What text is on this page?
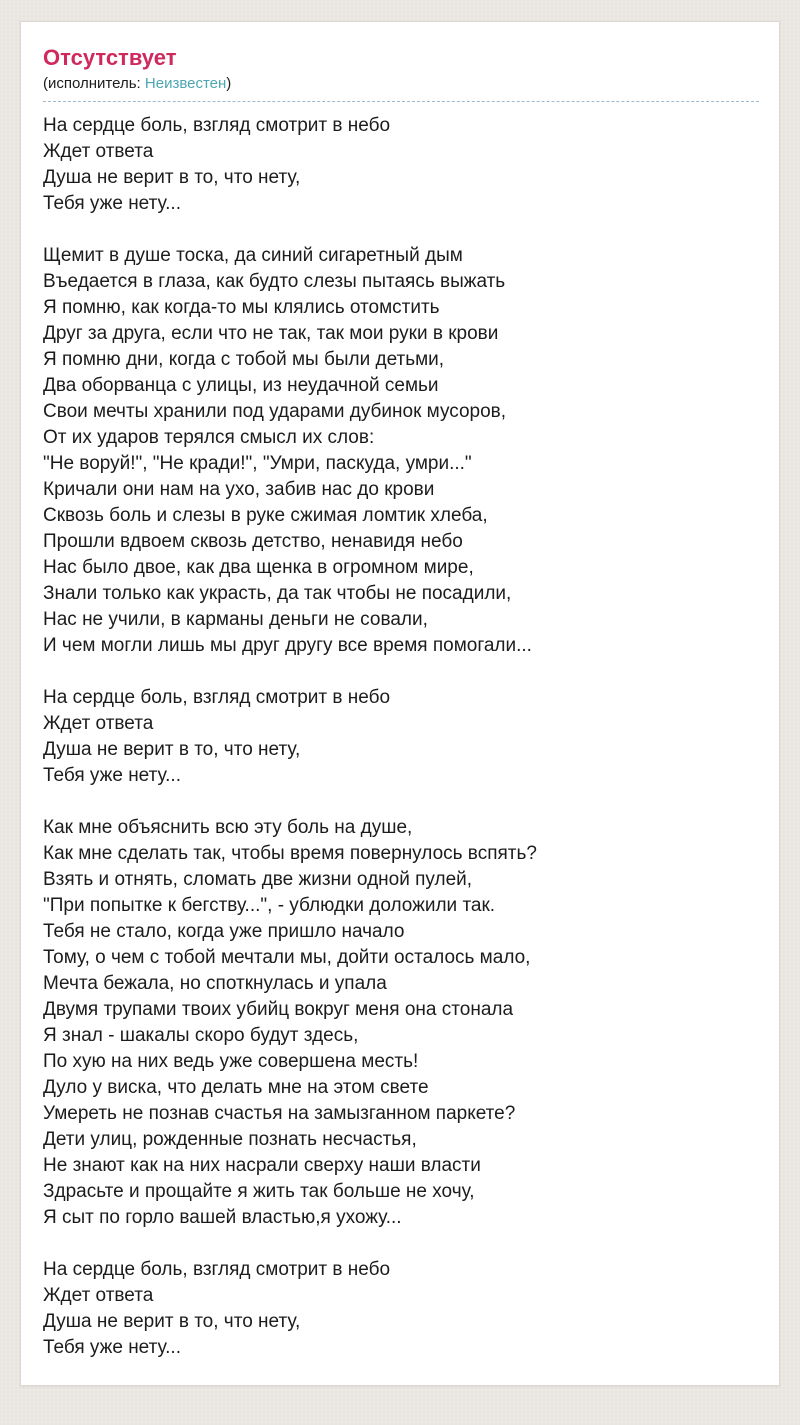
Отсутствует
(исполнитель: Неизвестен)
На сердце боль, взгляд смотрит в небо
Ждет ответа
Душа не верит в то, что нету,
Тебя уже нету...
Щемит в душе тоска, да синий сигаретный дым
Въедается в глаза, как будто слезы пытаясь выжать
Я помню, как когда-то мы клялись отомстить
Друг за друга, если что не так, так мои руки в крови
Я помню дни, когда с тобой мы были детьми,
Два оборванца с улицы, из неудачной семьи
Свои мечты хранили под ударами дубинок мусоров,
От их ударов терялся смысл их слов:
"Не воруй!", "Не кради!", "Умри, паскуда, умри..."
Кричали они нам на ухо, забив нас до крови
Сквозь боль и слезы в руке сжимая ломтик хлеба,
Прошли вдвоем сквозь детство, ненавидя небо
Нас было двое, как два щенка в огромном мире,
Знали только как украсть, да так чтобы не посадили,
Нас не учили, в карманы деньги не совали,
И чем могли лишь мы друг другу все время помогали...
На сердце боль, взгляд смотрит в небо
Ждет ответа
Душа не верит в то, что нету,
Тебя уже нету...
Как мне объяснить всю эту боль на душе,
Как мне сделать так, чтобы время повернулось вспять?
Взять и отнять, сломать две жизни одной пулей,
"При попытке к бегству...", - ублюдки доложили так.
Тебя не стало, когда уже пришло начало
Тому, о чем с тобой мечтали мы, дойти осталось мало,
Мечта бежала, но споткнулась и упала
Двумя трупами твоих убийц вокруг меня она стонала
Я знал - шакалы скоро будут здесь,
По хую на них ведь уже совершена месть!
Дуло у виска, что делать мне на этом свете
Умереть не познав счастья на замызганном паркете?
Дети улиц, рожденные познать несчастья,
Не знают как на них насрали сверху наши власти
Здрасьте и прощайте я жить так больше не хочу,
Я сыт по горло вашей властью,я ухожу...
На сердце боль, взгляд смотрит в небо
Ждет ответа
Душа не верит в то, что нету,
Тебя уже нету...
